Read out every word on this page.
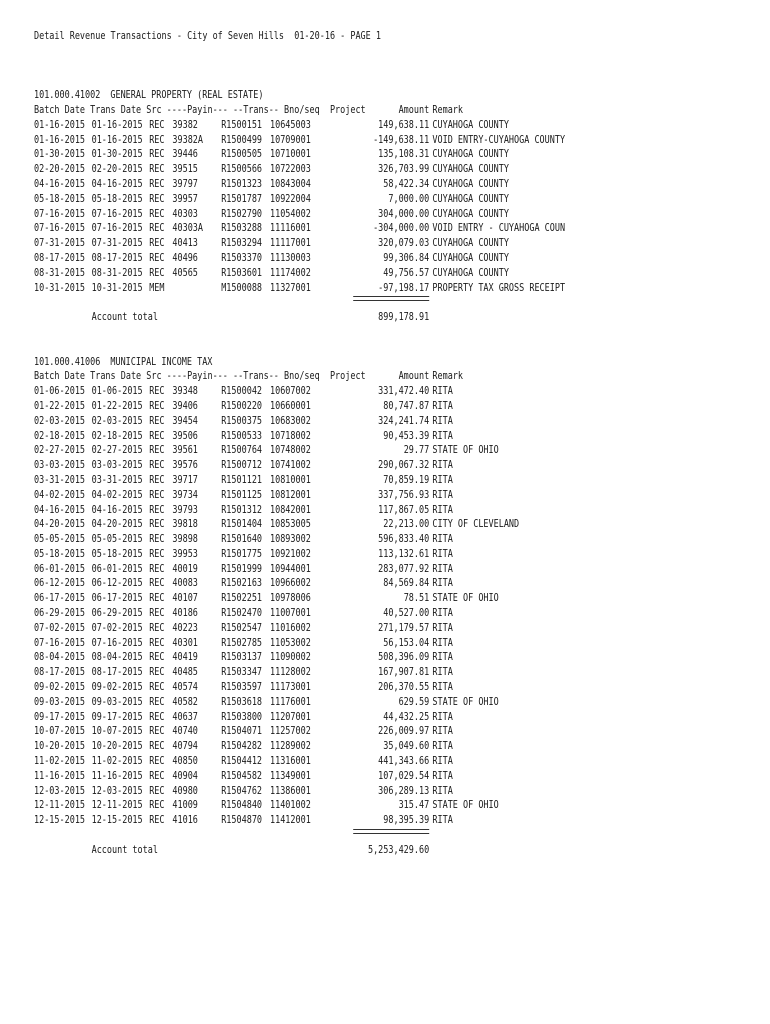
Detail Revenue Transactions - City of Seven Hills  01-20-16 - PAGE 1
101.000.41002 GENERAL PROPERTY (REAL ESTATE)
Batch Date Trans Date Src ----Payin--- --Trans-- Bno/seq  Project	Amount Remark
01-16-2015 01-16-2015 REC 39382 R1500151 10645003	149,638.11 CUYAHOGA COUNTY
01-16-2015 01-16-2015 REC 39382A R1500499 10709001	-149,638.11 VOID ENTRY-CUYAHOGA COUNTY
01-30-2015 01-30-2015 REC 39446 R1500505 10710001	135,108.31 CUYAHOGA COUNTY
02-20-2015 02-20-2015 REC 39515 R1500566 10722003	326,703.99 CUYAHOGA COUNTY
04-16-2015 04-16-2015 REC 39797 R1501323 10843004	58,422.34 CUYAHOGA COUNTY
05-18-2015 05-18-2015 REC 39957 R1501787 10922004	7,000.00 CUYAHOGA COUNTY
07-16-2015 07-16-2015 REC 40303 R1502790 11054002	304,000.00 CUYAHOGA COUNTY
07-16-2015 07-16-2015 REC 40303A R1503288 11116001	-304,000.00 VOID ENTRY - CUYAHOGA COUN
07-31-2015 07-31-2015 REC 40413 R1503294 11117001	320,079.03 CUYAHOGA COUNTY
08-17-2015 08-17-2015 REC 40496 R1503370 11130003	99,306.84 CUYAHOGA COUNTY
08-31-2015 08-31-2015 REC 40565 R1503601 11174002	49,756.57 CUYAHOGA COUNTY
10-31-2015 10-31-2015 MEM	M1500088 11327001	-97,198.17 PROPERTY TAX GROSS RECEIPT
Account total	899,178.91
101.000.41006 MUNICIPAL INCOME TAX
Batch Date Trans Date Src ----Payin--- --Trans-- Bno/seq  Project	Amount Remark
01-06-2015 01-06-2015 REC 39348 R1500042 10607002	331,472.40 RITA
01-22-2015 01-22-2015 REC 39406 R1500220 10660001	80,747.87 RITA
02-03-2015 02-03-2015 REC 39454 R1500375 10683002	324,241.74 RITA
02-18-2015 02-18-2015 REC 39506 R1500533 10718002	90,453.39 RITA
02-27-2015 02-27-2015 REC 39561 R1500764 10748002	29.77 STATE OF OHIO
03-03-2015 03-03-2015 REC 39576 R1500712 10741002	290,067.32 RITA
03-31-2015 03-31-2015 REC 39717 R1501121 10810001	70,859.19 RITA
04-02-2015 04-02-2015 REC 39734 R1501125 10812001	337,756.93 RITA
04-16-2015 04-16-2015 REC 39793 R1501312 10842001	117,867.05 RITA
04-20-2015 04-20-2015 REC 39818 R1501404 10853005	22,213.00 CITY OF CLEVELAND
05-05-2015 05-05-2015 REC 39898 R1501640 10893002	596,833.40 RITA
05-18-2015 05-18-2015 REC 39953 R1501775 10921002	113,132.61 RITA
06-01-2015 06-01-2015 REC 40019 R1501999 10944001	283,077.92 RITA
06-12-2015 06-12-2015 REC 40083 R1502163 10966002	84,569.84 RITA
06-17-2015 06-17-2015 REC 40107 R1502251 10978006	78.51 STATE OF OHIO
06-29-2015 06-29-2015 REC 40186 R1502470 11007001	40,527.00 RITA
07-02-2015 07-02-2015 REC 40223 R1502547 11016002	271,179.57 RITA
07-16-2015 07-16-2015 REC 40301 R1502785 11053002	56,153.04 RITA
08-04-2015 08-04-2015 REC 40419 R1503137 11090002	508,396.09 RITA
08-17-2015 08-17-2015 REC 40485 R1503347 11128002	167,907.81 RITA
09-02-2015 09-02-2015 REC 40574 R1503597 11173001	206,370.55 RITA
09-03-2015 09-03-2015 REC 40582 R1503618 11176001	629.59 STATE OF OHIO
09-17-2015 09-17-2015 REC 40637 R1503800 11207001	44,432.25 RITA
10-07-2015 10-07-2015 REC 40740 R1504071 11257002	226,009.97 RITA
10-20-2015 10-20-2015 REC 40794 R1504282 11289002	35,049.60 RITA
11-02-2015 11-02-2015 REC 40850 R1504412 11316001	441,343.66 RITA
11-16-2015 11-16-2015 REC 40904 R1504582 11349001	107,029.54 RITA
12-03-2015 12-03-2015 REC 40980 R1504762 11386001	306,289.13 RITA
12-11-2015 12-11-2015 REC 41009 R1504840 11401002	315.47 STATE OF OHIO
12-15-2015 12-15-2015 REC 41016 R1504870 11412001	98,395.39 RITA
Account total	5,253,429.60
